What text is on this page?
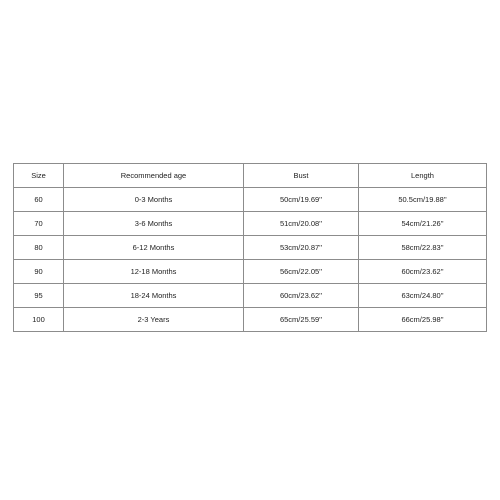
Size	Recommended age	Bust	Length
60	0-3 Months	50cm/19.69''	50.5cm/19.88''
70	3-6 Months	51cm/20.08''	54cm/21.26''
80	6-12 Months	53cm/20.87''	58cm/22.83''
90	12-18 Months	56cm/22.05''	60cm/23.62''
95	18-24 Months	60cm/23.62''	63cm/24.80''
100	2-3 Years	65cm/25.59''	66cm/25.98''
